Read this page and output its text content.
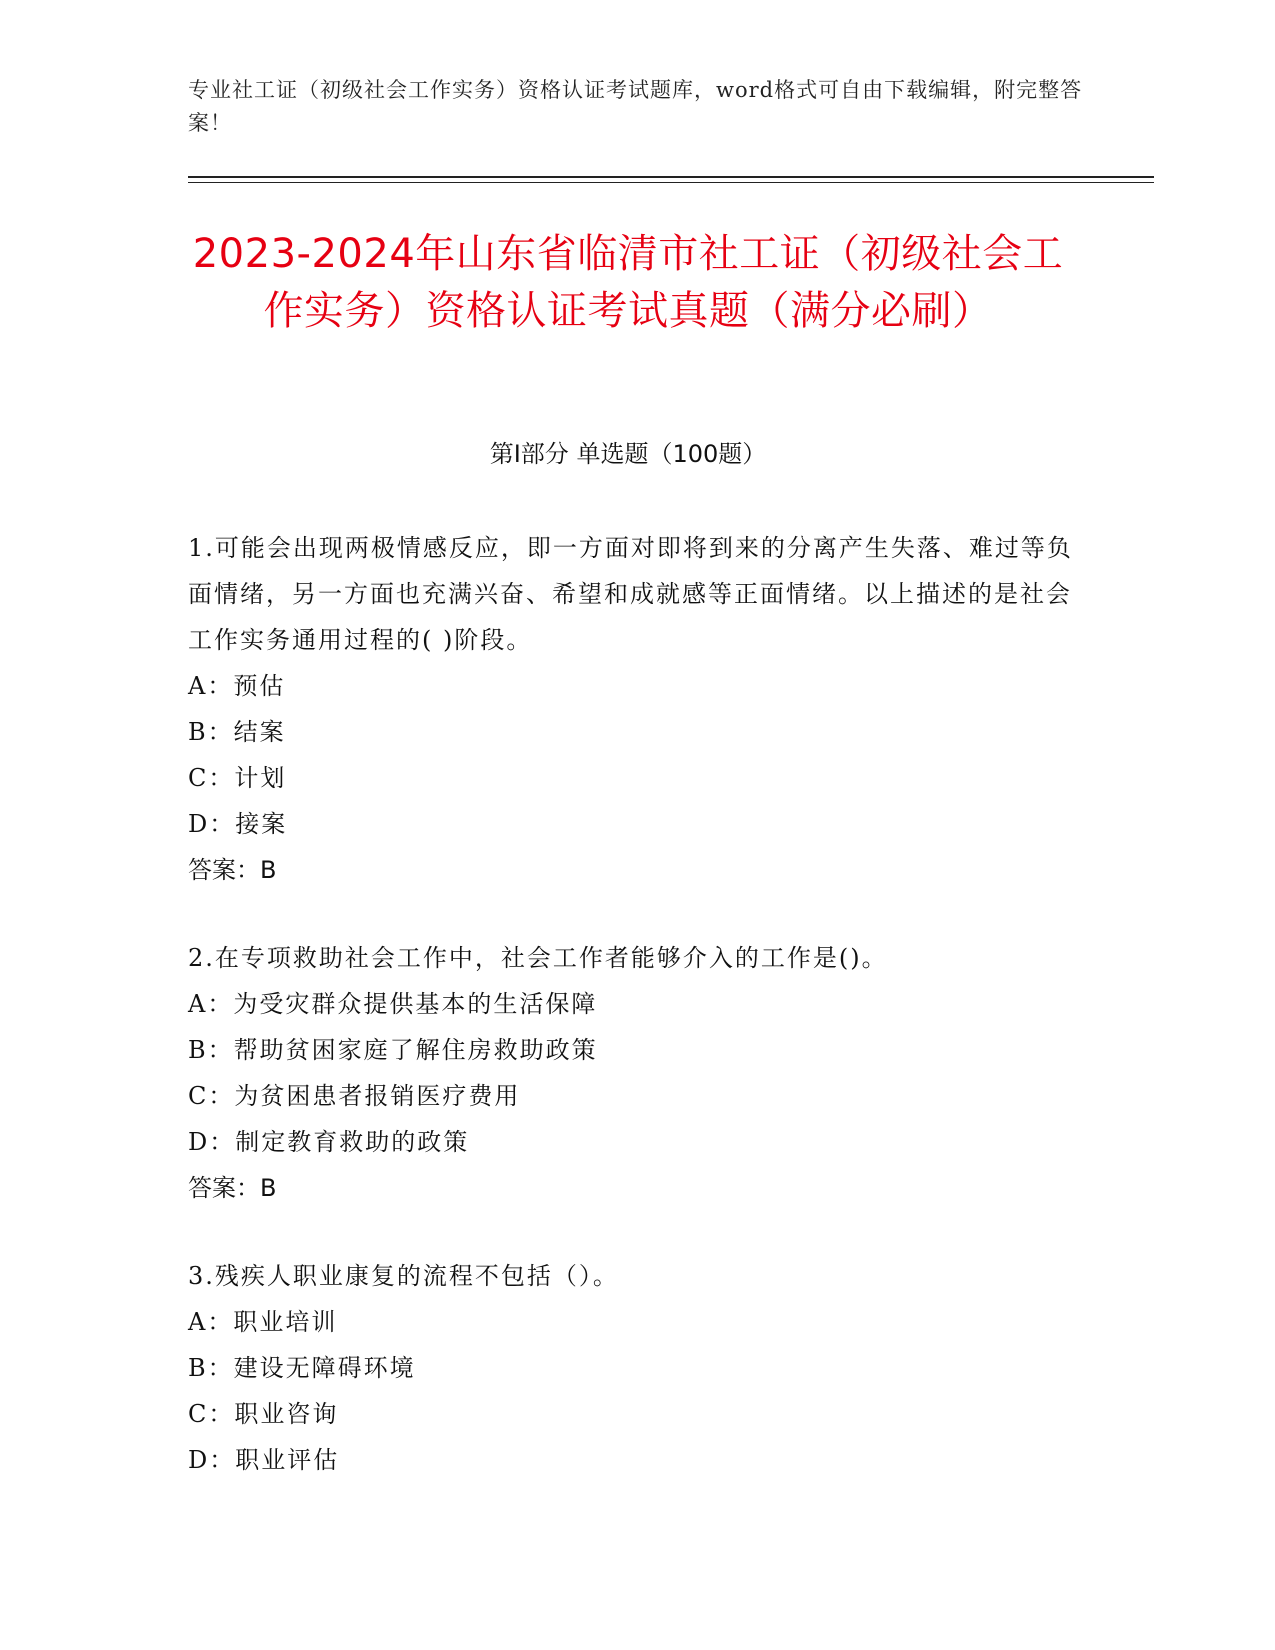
专业社工证（初级社会工作实务）资格认证考试题库，word格式可自由下载编辑，附完整答案！
2023-2024年山东省临清市社工证（初级社会工作实务）资格认证考试真题（满分必刷）
第I部分 单选题（100题）
1.可能会出现两极情感反应，即一方面对即将到来的分离产生失落、难过等负面情绪，另一方面也充满兴奋、希望和成就感等正面情绪。以上描述的是社会工作实务通用过程的( )阶段。
A：预估
B：结案
C：计划
D：接案
答案：B
2.在专项救助社会工作中，社会工作者能够介入的工作是()。
A：为受灾群众提供基本的生活保障
B：帮助贫困家庭了解住房救助政策
C：为贫困患者报销医疗费用
D：制定教育救助的政策
答案：B
3.残疾人职业康复的流程不包括（）。
A：职业培训
B：建设无障碍环境
C：职业咨询
D：职业评估
